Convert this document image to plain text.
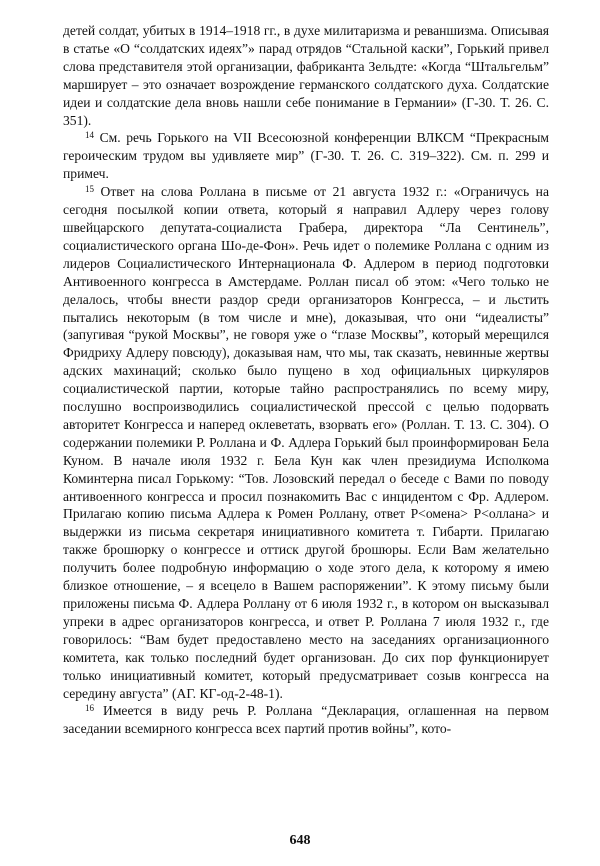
детей солдат, убитых в 1914–1918 гг., в духе милитаризма и реваншизма. Описывая в статье «О “солдатских идеях”» парад отрядов “Стальной каски”, Горький привел слова представителя этой организации, фабриканта Зельдте: «Когда “Штальгельм” марширует – это означает возрождение германского солдатского духа. Солдатские идеи и солдатские дела вновь нашли себе понимание в Германии» (Г-30. Т. 26. С. 351).

$^{14}$ См. речь Горького на VII Всесоюзной конференции ВЛКСМ “Прекрасным героическим трудом вы удивляете мир” (Г-30. Т. 26. С. 319–322). См. п. 299 и примеч.

$^{15}$ Ответ на слова Роллана в письме от 21 августа 1932 г.: «Ограничусь на сегодня посылкой копии ответа, который я направил Адлеру через голову швейцарского депутата-социалиста Грабера, директора “Ла Сентинель”, социалистического органа Шо-де-Фон». Речь идет о полемике Роллана с одним из лидеров Социалистического Интернационала Ф. Адлером в период подготовки Антивоенного конгресса в Амстердаме. Роллан писал об этом: «Чего только не делалось, чтобы внести раздор среди организаторов Конгресса, – и льстить пытались некоторым (в том числе и мне), доказывая, что они “идеалисты” (запугивая “рукой Москвы”, не говоря уже о “глазе Москвы”, который мерещился Фридриху Адлеру повсюду), доказывая нам, что мы, так сказать, невинные жертвы адских махинаций; сколько было пущено в ход официальных циркуляров социалистической партии, которые тайно распространялись по всему миру, послушно воспроизводились социалистической прессой с целью подорвать авторитет Конгресса и наперед оклеветать, взорвать его» (Роллан. Т. 13. С. 304). О содержании полемики Р. Роллана и Ф. Адлера Горький был проинформирован Бела Куном. В начале июля 1932 г. Бела Кун как член президиума Исполкома Коминтерна писал Горькому: “Тов. Лозовский передал о беседе с Вами по поводу антивоенного конгресса и просил познакомить Вас с инцидентом с Фр. Адлером. Прилагаю копию письма Адлера к Ромен Роллану, ответ Р<омена> Р<оллана> и выдержки из письма секретаря инициативного комитета т. Гибарти. Прилагаю также брошюрку о конгрессе и оттиск другой брошюры. Если Вам желательно получить более подробную информацию о ходе этого дела, к которому я имею близкое отношение, – я всецело в Вашем распоряжении”. К этому письму были приложены письма Ф. Адлера Роллану от 6 июля 1932 г., в котором он высказывал упреки в адрес организаторов конгресса, и ответ Р. Роллана 7 июля 1932 г., где говорилось: “Вам будет предоставлено место на заседаниях организационного комитета, как только последний будет организован. До сих пор функционирует только инициативный комитет, который предусматривает созыв конгресса на середину августа” (АГ. КГ-од-2-48-1).

$^{16}$ Имеется в виду речь Р. Роллана “Декларация, оглашенная на первом заседании всемирного конгресса всех партий против войны”, кото-

648
